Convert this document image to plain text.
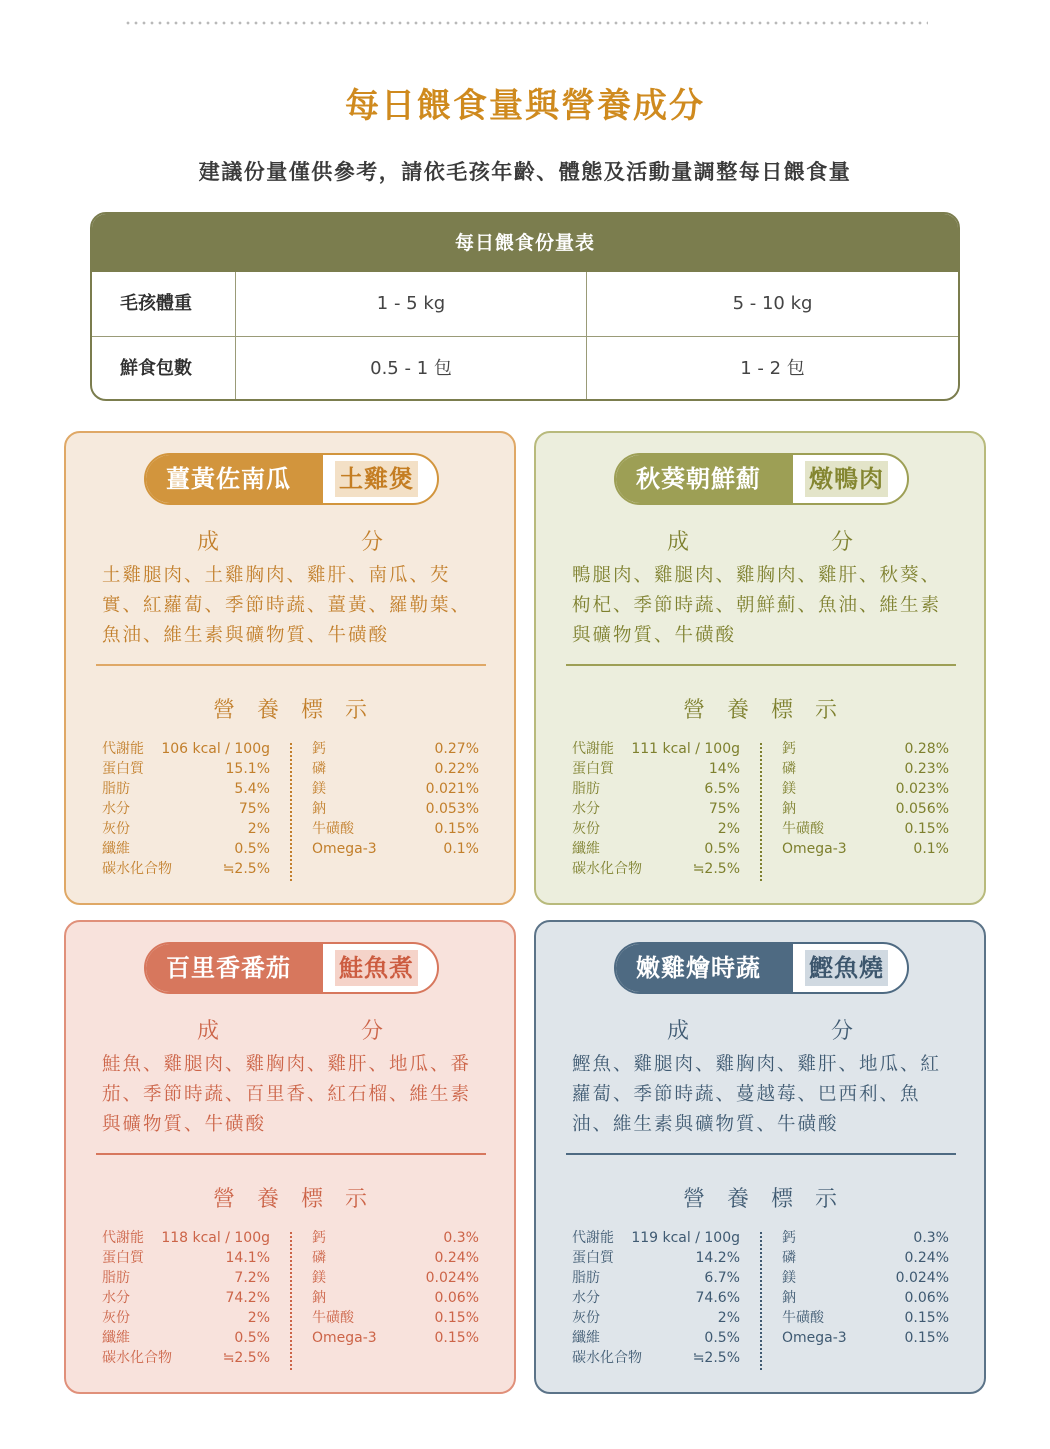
每日餵食量與營養成分
建議份量僅供參考，請依毛孩年齡、體態及活動量調整每日餵食量
每日餵食份量表
毛孩體重	1 - 5 kg	5 - 10 kg
鮮食包數	0.5 - 1 包	1 - 2 包
薑黃佐南瓜	土雞煲
成　分
土雞腿肉、土雞胸肉、雞肝、南瓜、芡實、紅蘿蔔、季節時蔬、薑黃、羅勒葉、魚油、維生素與礦物質、牛磺酸
營養標示
代謝能 106 kcal / 100g
蛋白質	15.1%
脂肪	5.4%
水分	75%
灰份	2%
纖維	0.5%
碳水化合物	≒2.5%
鈣	0.27%
磷	0.22%
鎂	0.021%
鈉	0.053%
牛磺酸	0.15%
Omega-3	0.1%
秋葵朝鮮薊	燉鴨肉
成　分
鴨腿肉、雞腿肉、雞胸肉、雞肝、秋葵、枸杞、季節時蔬、朝鮮薊、魚油、維生素與礦物質、牛磺酸
營養標示
代謝能 111 kcal / 100g
蛋白質	14%
脂肪	6.5%
水分	75%
灰份	2%
纖維	0.5%
碳水化合物	≒2.5%
鈣	0.28%
磷	0.23%
鎂	0.023%
鈉	0.056%
牛磺酸	0.15%
Omega-3	0.1%
百里香番茄	鮭魚煮
成　分
鮭魚、雞腿肉、雞胸肉、雞肝、地瓜、番茄、季節時蔬、百里香、紅石榴、維生素與礦物質、牛磺酸
營養標示
代謝能 118 kcal / 100g
蛋白質	14.1%
脂肪	7.2%
水分	74.2%
灰份	2%
纖維	0.5%
碳水化合物	≒2.5%
鈣	0.3%
磷	0.24%
鎂	0.024%
鈉	0.06%
牛磺酸	0.15%
Omega-3	0.15%
嫩雞燴時蔬	鰹魚燒
成　分
鰹魚、雞腿肉、雞胸肉、雞肝、地瓜、紅蘿蔔、季節時蔬、蔓越莓、巴西利、魚油、維生素與礦物質、牛磺酸
營養標示
代謝能 119 kcal / 100g
蛋白質	14.2%
脂肪	6.7%
水分	74.6%
灰份	2%
纖維	0.5%
碳水化合物	≒2.5%
鈣	0.3%
磷	0.24%
鎂	0.024%
鈉	0.06%
牛磺酸	0.15%
Omega-3	0.15%
